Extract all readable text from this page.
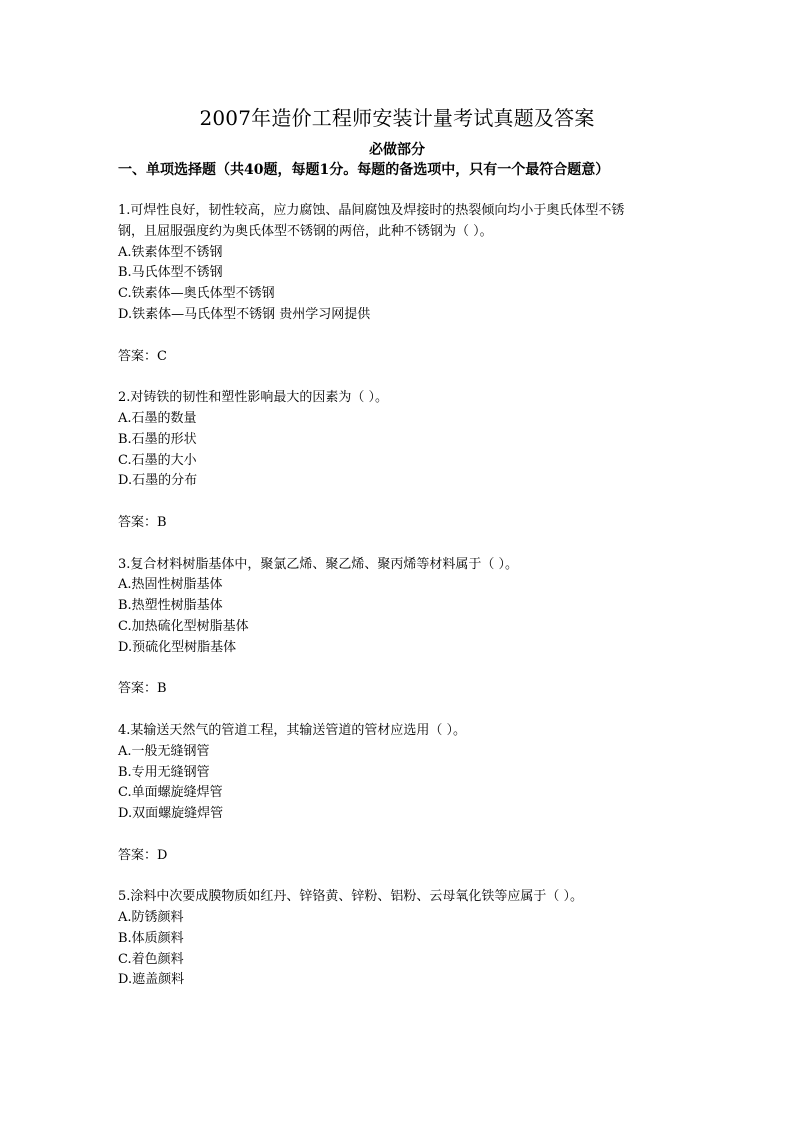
2007年造价工程师安装计量考试真题及答案
必做部分
一、单项选择题（共40题，每题1分。每题的备选项中，只有一个最符合题意）
1.可焊性良好，韧性较高，应力腐蚀、晶间腐蚀及焊接时的热裂倾向均小于奥氏体型不锈
钢，且屈服强度约为奥氏体型不锈钢的两倍，此种不锈钢为（ ）。
A.铁素体型不锈钢
B.马氏体型不锈钢
C.铁素体—奥氏体型不锈钢
D.铁素体—马氏体型不锈钢 贵州学习网提供
答案：C
2.对铸铁的韧性和塑性影响最大的因素为（ ）。
A.石墨的数量
B.石墨的形状
C.石墨的大小
D.石墨的分布
答案：B
3.复合材料树脂基体中，聚氯乙烯、聚乙烯、聚丙烯等材料属于（ ）。
A.热固性树脂基体
B.热塑性树脂基体
C.加热硫化型树脂基体
D.预硫化型树脂基体
答案：B
4.某输送天然气的管道工程，其输送管道的管材应选用（ ）。
A.一般无缝钢管
B.专用无缝钢管
C.单面螺旋缝焊管
D.双面螺旋缝焊管
答案：D
5.涂料中次要成膜物质如红丹、锌铬黄、锌粉、铝粉、云母氧化铁等应属于（ ）。
A.防锈颜料
B.体质颜料
C.着色颜料
D.遮盖颜料
